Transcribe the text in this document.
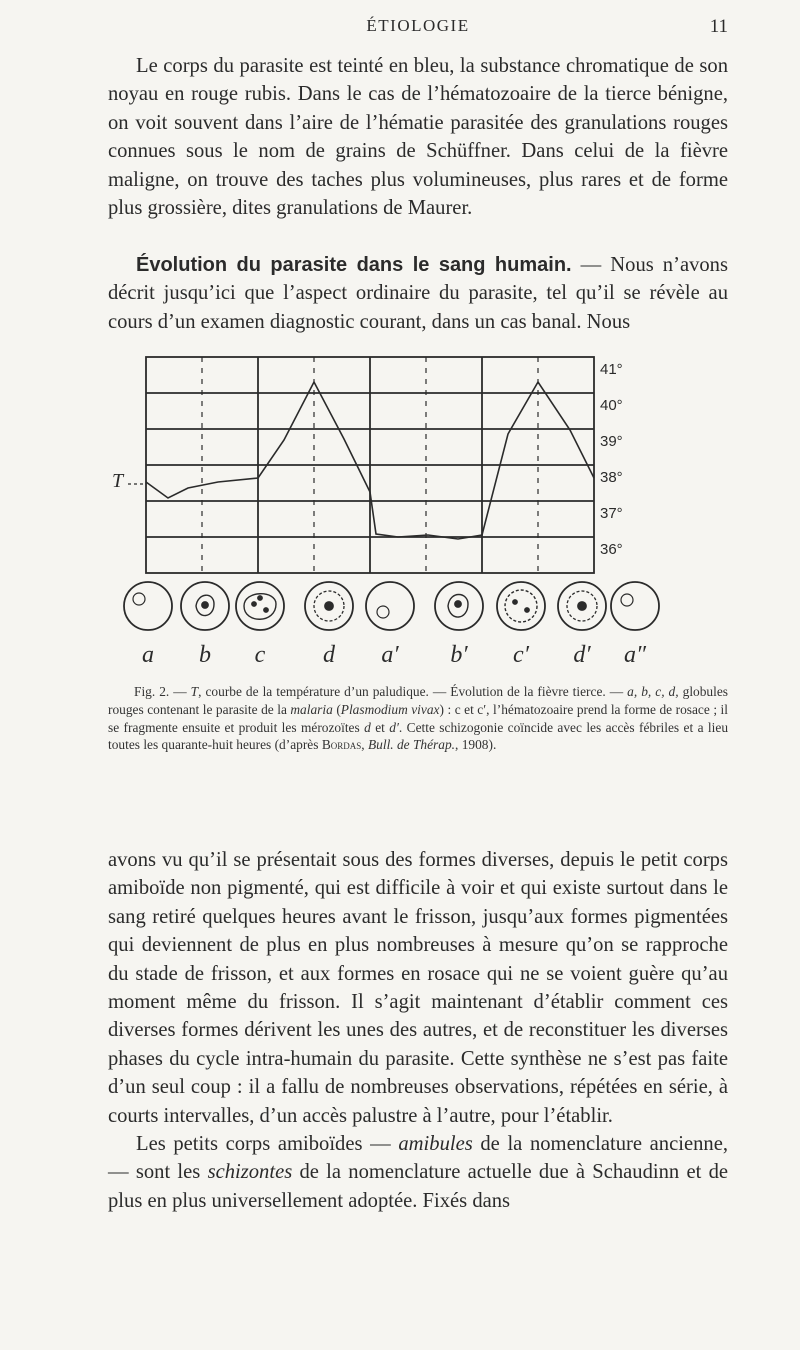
ÉTIOLOGIE	11

Le corps du parasite est teinté en bleu, la substance chromatique de son noyau en rouge rubis. Dans le cas de l’hématozoaire de la tierce bénigne, on voit souvent dans l’aire de l’hématie parasitée des granulations rouges connues sous le nom de grains de Schüffner. Dans celui de la fièvre maligne, on trouve des taches plus volumineuses, plus rares et de forme plus grossière, dites granulations de Maurer.

Évolution du parasite dans le sang humain. — Nous n’avons décrit jusqu’ici que l’aspect ordinaire du parasite, tel qu’il se révèle au cours d’un examen diagnostic courant, dans un cas banal. Nous

T
41°
40°
39°
38°
37°
36°
a b c d a′ b′ c′ d′ a″

Fig. 2. — T, courbe de la température d’un paludique. — Évolution de la fièvre tierce. — a, b, c, d, globules rouges contenant le parasite de la malaria (Plasmodium vivax) : c et c′, l’hématozoaire prend la forme de rosace ; il se fragmente ensuite et produit les mérozoïtes d et d′. Cette schizogonie coïncide avec les accès fébriles et a lieu toutes les quarante-huit heures (d’après Bordas, Bull. de Thérap., 1908).

avons vu qu’il se présentait sous des formes diverses, depuis le petit corps amiboïde non pigmenté, qui est difficile à voir et qui existe surtout dans le sang retiré quelques heures avant le frisson, jusqu’aux formes pigmentées qui deviennent de plus en plus nombreuses à mesure qu’on se rapproche du stade de frisson, et aux formes en rosace qui ne se voient guère qu’au moment même du frisson. Il s’agit maintenant d’établir comment ces diverses formes dérivent les unes des autres, et de reconstituer les diverses phases du cycle intra-humain du parasite. Cette synthèse ne s’est pas faite d’un seul coup : il a fallu de nombreuses observations, répétées en série, à courts intervalles, d’un accès palustre à l’autre, pour l’établir.

Les petits corps amiboïdes — amibules de la nomenclature ancienne, — sont les schizontes de la nomenclature actuelle due à Schaudinn et de plus en plus universellement adoptée. Fixés dans
